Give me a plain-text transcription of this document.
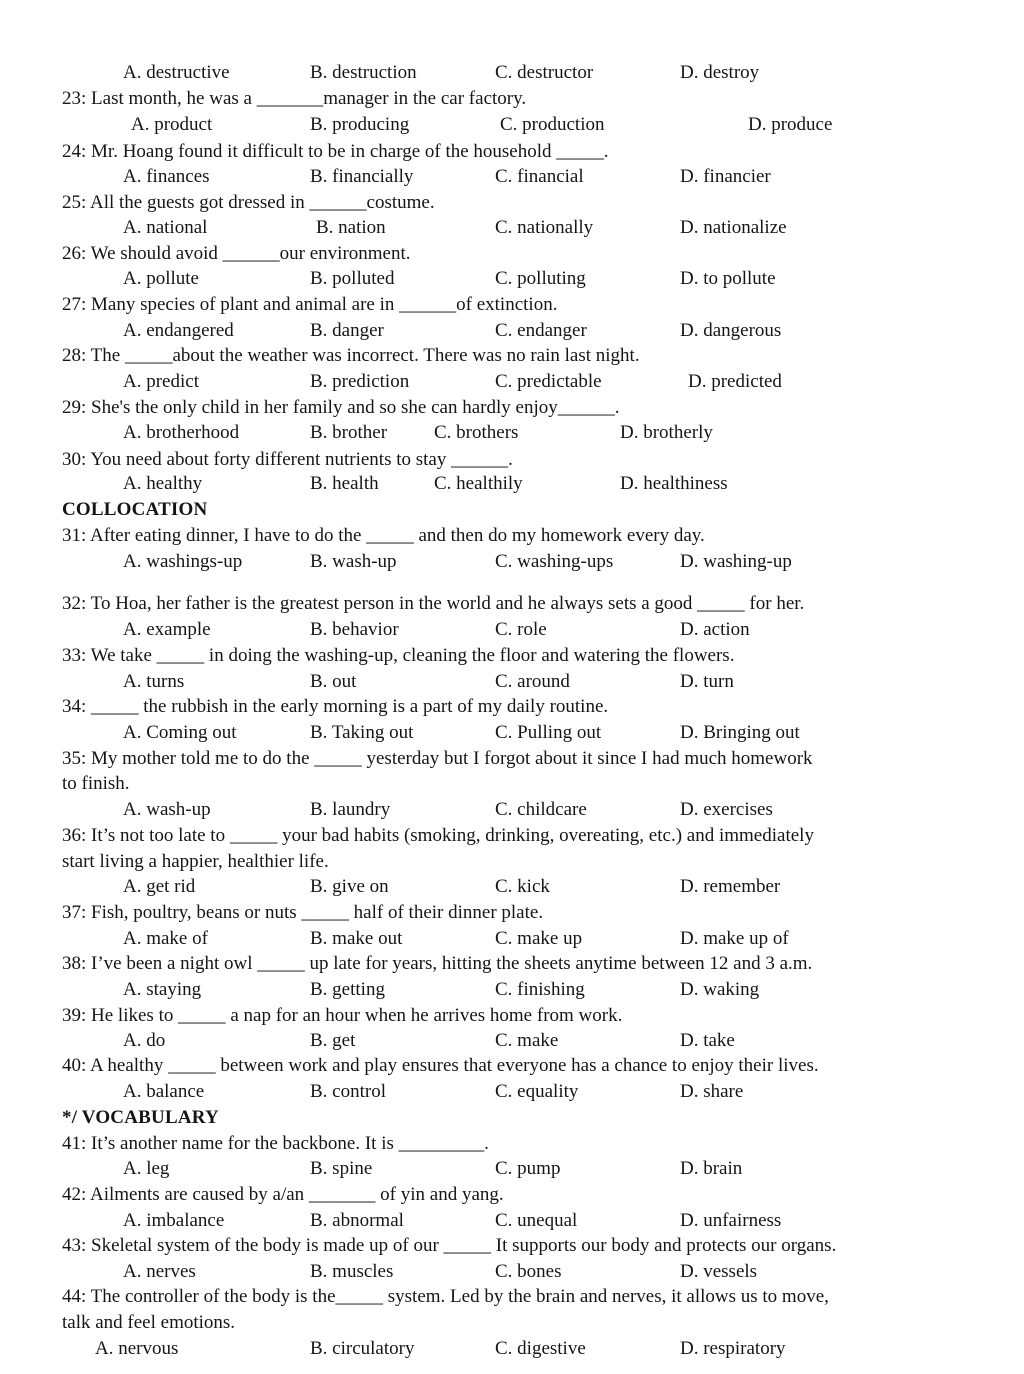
A. destructive	B. destruction	C. destructor	D. destroy
23: Last month, he was a _______manager in the car factory.
A. product	B. producing	C. production	D. produce
24: Mr. Hoang found it difficult to be in charge of the household _____.
A. finances	B. financially	C. financial	D. financier
25: All the guests got dressed in ______costume.
A. national	B. nation	C. nationally	D. nationalize
26: We should avoid ______our environment.
A. pollute	B. polluted	C. polluting	D. to pollute
27: Many species of plant and animal are in ______of extinction.
A. endangered	B. danger	C. endanger	D. dangerous
28: The _____about the weather was incorrect. There was no rain last night.
A. predict	B. prediction	C. predictable	D. predicted
29: She's the only child in her family and so she can hardly enjoy______.
A. brotherhood	B. brother C. brothers	D. brotherly
30: You need about forty different nutrients to stay ______.
A. healthy	B. health	C. healthily	D. healthiness
COLLOCATION
31: After eating dinner, I have to do the _____ and then do my homework every day.
A. washings-up	B. wash-up	C. washing-ups	D. washing-up
32: To Hoa, her father is the greatest person in the world and he always sets a good _____ for her.
A. example	B. behavior	C. role	D. action
33: We take _____ in doing the washing-up, cleaning the floor and watering the flowers.
A. turns	B. out	C. around	D. turn
34: _____ the rubbish in the early morning is a part of my daily routine.
A. Coming out	B. Taking out	C. Pulling out	D. Bringing out
35: My mother told me to do the _____ yesterday but I forgot about it since I had much homework
to finish.
A. wash-up	B. laundry	C. childcare	D. exercises
36: It’s not too late to _____ your bad habits (smoking, drinking, overeating, etc.) and immediately
start living a happier, healthier life.
A. get rid	B. give on	C. kick	D. remember
37: Fish, poultry, beans or nuts _____ half of their dinner plate.
A. make of	B. make out	C. make up	D. make up of
38: I’ve been a night owl _____ up late for years, hitting the sheets anytime between 12 and 3 a.m.
A. staying	B. getting	C. finishing	D. waking
39: He likes to _____ a nap for an hour when he arrives home from work.
A. do	B. get	C. make	D. take
40: A healthy _____ between work and play ensures that everyone has a chance to enjoy their lives.
A. balance	B. control	C. equality	D. share
*/ VOCABULARY
41: It’s another name for the backbone. It is _________.
A. leg	B. spine	C. pump	D. brain
42: Ailments are caused by a/an _______ of yin and yang.
A. imbalance	B. abnormal	C. unequal	D. unfairness
43: Skeletal system of the body is made up of our _____ It supports our body and protects our organs.
A. nerves	B. muscles	C. bones	D. vessels
44: The controller of the body is the_____ system. Led by the brain and nerves, it allows us to move,
talk and feel emotions.
A. nervous	B. circulatory	C. digestive	D. respiratory
